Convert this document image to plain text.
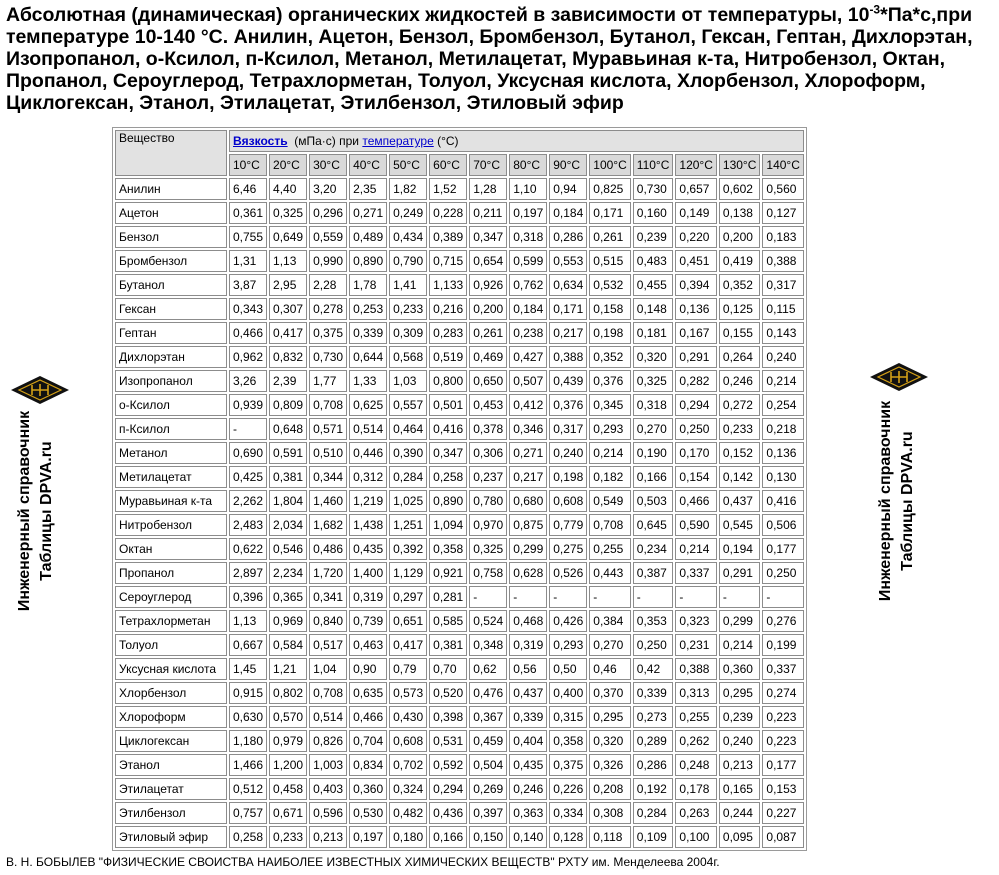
Абсолютная (динамическая) органических жидкостей в зависимости от температуры, $10^{-3}*Па*с,при$ температуре 10-140 °C. Анилин, Ацетон, Бензол, Бромбензол, Бутанол, Гексан, Гептан, Дихлорэтан, Изопропанол, о-Ксилол, п-Ксилол, Метанол, Метилацетат, Муравьиная к-та, Нитробензол, Октан, Пропанол, Сероуглерод, Тетрахлорметан, Толуол, Уксусная кислота, Хлорбензол, Хлороформ, Циклогексан, Этанол, Этилацетат, Этилбензол, Этиловый эфир
Вещество	Вязкость (мПа·с) при температуре (°С)													
	10°C	20°C	30°C	40°C	50°C	60°C	70°C	80°C	90°C	100°C	110°C	120°C	130°C	140°C
Анилин	6,46	4,40	3,20	2,35	1,82	1,52	1,28	1,10	0,94	0,825	0,730	0,657	0,602	0,560
Ацетон	0,361	0,325	0,296	0,271	0,249	0,228	0,211	0,197	0,184	0,171	0,160	0,149	0,138	0,127
Бензол	0,755	0,649	0,559	0,489	0,434	0,389	0,347	0,318	0,286	0,261	0,239	0,220	0,200	0,183
Бромбензол	1,31	1,13	0,990	0,890	0,790	0,715	0,654	0,599	0,553	0,515	0,483	0,451	0,419	0,388
Бутанол	3,87	2,95	2,28	1,78	1,41	1,133	0,926	0,762	0,634	0,532	0,455	0,394	0,352	0,317
Гексан	0,343	0,307	0,278	0,253	0,233	0,216	0,200	0,184	0,171	0,158	0,148	0,136	0,125	0,115
Гептан	0,466	0,417	0,375	0,339	0,309	0,283	0,261	0,238	0,217	0,198	0,181	0,167	0,155	0,143
Дихлорэтан	0,962	0,832	0,730	0,644	0,568	0,519	0,469	0,427	0,388	0,352	0,320	0,291	0,264	0,240
Изопропанол	3,26	2,39	1,77	1,33	1,03	0,800	0,650	0,507	0,439	0,376	0,325	0,282	0,246	0,214
о-Ксилол	0,939	0,809	0,708	0,625	0,557	0,501	0,453	0,412	0,376	0,345	0,318	0,294	0,272	0,254
п-Ксилол	-	0,648	0,571	0,514	0,464	0,416	0,378	0,346	0,317	0,293	0,270	0,250	0,233	0,218
Метанол	0,690	0,591	0,510	0,446	0,390	0,347	0,306	0,271	0,240	0,214	0,190	0,170	0,152	0,136
Метилацетат	0,425	0,381	0,344	0,312	0,284	0,258	0,237	0,217	0,198	0,182	0,166	0,154	0,142	0,130
Муравьиная к-та	2,262	1,804	1,460	1,219	1,025	0,890	0,780	0,680	0,608	0,549	0,503	0,466	0,437	0,416
Нитробензол	2,483	2,034	1,682	1,438	1,251	1,094	0,970	0,875	0,779	0,708	0,645	0,590	0,545	0,506
Октан	0,622	0,546	0,486	0,435	0,392	0,358	0,325	0,299	0,275	0,255	0,234	0,214	0,194	0,177
Пропанол	2,897	2,234	1,720	1,400	1,129	0,921	0,758	0,628	0,526	0,443	0,387	0,337	0,291	0,250
Сероуглерод	0,396	0,365	0,341	0,319	0,297	0,281	-	-	-	-	-	-	-	-
Тетрахлорметан	1,13	0,969	0,840	0,739	0,651	0,585	0,524	0,468	0,426	0,384	0,353	0,323	0,299	0,276
Толуол	0,667	0,584	0,517	0,463	0,417	0,381	0,348	0,319	0,293	0,270	0,250	0,231	0,214	0,199
Уксусная кислота	1,45	1,21	1,04	0,90	0,79	0,70	0,62	0,56	0,50	0,46	0,42	0,388	0,360	0,337
Хлорбензол	0,915	0,802	0,708	0,635	0,573	0,520	0,476	0,437	0,400	0,370	0,339	0,313	0,295	0,274
Хлороформ	0,630	0,570	0,514	0,466	0,430	0,398	0,367	0,339	0,315	0,295	0,273	0,255	0,239	0,223
Циклогексан	1,180	0,979	0,826	0,704	0,608	0,531	0,459	0,404	0,358	0,320	0,289	0,262	0,240	0,223
Этанол	1,466	1,200	1,003	0,834	0,702	0,592	0,504	0,435	0,375	0,326	0,286	0,248	0,213	0,177
Этилацетат	0,512	0,458	0,403	0,360	0,324	0,294	0,269	0,246	0,226	0,208	0,192	0,178	0,165	0,153
Этилбензол	0,757	0,671	0,596	0,530	0,482	0,436	0,397	0,363	0,334	0,308	0,284	0,263	0,244	0,227
Этиловый эфир	0,258	0,233	0,213	0,197	0,180	0,166	0,150	0,140	0,128	0,118	0,109	0,100	0,095	0,087
Инженерный справочник Таблицы DPVA.ru	Инженерный справочник Таблицы DPVA.ru
В. Н. БОБЫЛЕВ "ФИЗИЧЕСКИЕ СВОИСТВА НАИБОЛЕЕ ИЗВЕСТНЫХ ХИМИЧЕСКИХ ВЕЩЕСТВ" РХТУ им. Менделеева 2004г.
